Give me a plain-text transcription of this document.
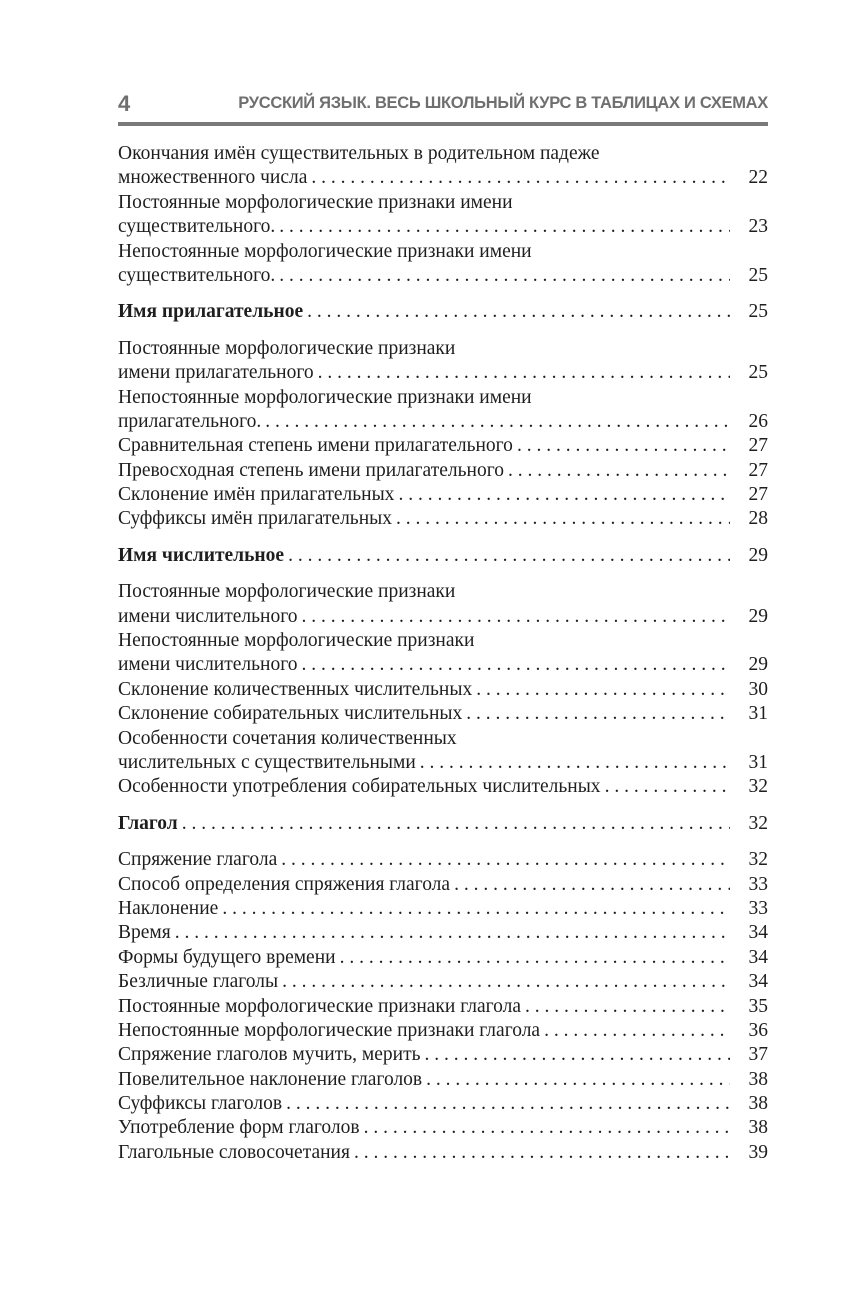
4	РУССКИЙ ЯЗЫК. ВЕСЬ ШКОЛЬНЫЙ КУРС В ТАБЛИЦАХ И СХЕМАХ
Окончания имён существительных в родительном падеже
множественного числа . . .	22
Постоянные морфологические признаки имени
существительного. . . .	23
Непостоянные морфологические признаки имени
существительного. . . .	25
Имя прилагательное . . .	25
Постоянные морфологические признаки
имени прилагательного . . .	25
Непостоянные морфологические признаки имени
прилагательного. . . .	26
Сравнительная степень имени прилагательного . . .	27
Превосходная степень имени прилагательного . . .	27
Склонение имён прилагательных . . .	27
Суффиксы имён прилагательных . . .	28
Имя числительное . . .	29
Постоянные морфологические признаки
имени числительного . . .	29
Непостоянные морфологические признаки
имени числительного . . .	29
Склонение количественных числительных . . .	30
Склонение собирательных числительных . . .	31
Особенности сочетания количественных
числительных с существительными . . .	31
Особенности употребления собирательных числительных . . .	32
Глагол . . .	32
Спряжение глагола . . .	32
Способ определения спряжения глагола . . .	33
Наклонение . . .	33
Время . . .	34
Формы будущего времени . . .	34
Безличные глаголы . . .	34
Постоянные морфологические признаки глагола . . .	35
Непостоянные морфологические признаки глагола . . .	36
Спряжение глаголов мучить, мерить . . .	37
Повелительное наклонение глаголов . . .	38
Суффиксы глаголов . . .	38
Употребление форм глаголов . . .	38
Глагольные словосочетания . . .	39
